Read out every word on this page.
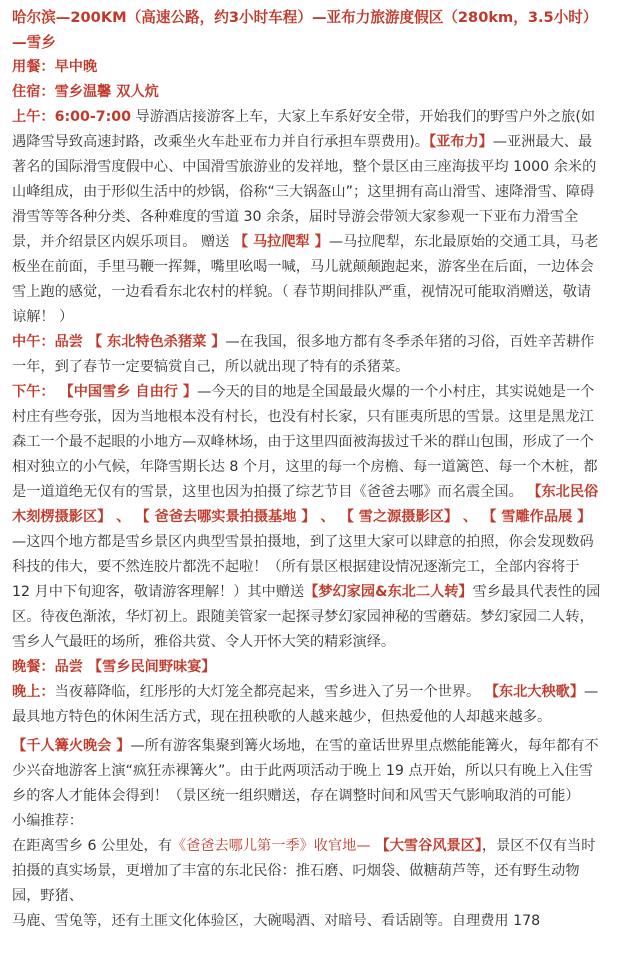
哈尔滨—200KM（高速公路，约3小时车程）—亚布力旅游度假区（280km，3.5小时）—雪乡

用餐：早中晚

住宿：雪乡温馨 双人炕

上午：6:00-7:00 导游酒店接游客上车，大家上车系好安全带，开始我们的野雪户外之旅(如遇降雪导致高速封路，改乘坐火车赴亚布力并自行承担车票费用)。【亚布力】—亚洲最大、最著名的国际滑雪度假中心、中国滑雪旅游业的发祥地，整个景区由三座海拔平均 1000 余米的山峰组成，由于形似生活中的炒锅，俗称“三大锅盔山”；这里拥有高山滑雪、速降滑雪、障碍滑雪等等各种分类、各种难度的雪道 30 余条，届时导游会带领大家参观一下亚布力滑雪全景，并介绍景区内娱乐项目。 赠送 【 马拉爬犁 】—马拉爬犁，东北最原始的交通工具，马老板坐在前面，手里马鞭一挥舞，嘴里吆喝一喊，马儿就颠颠跑起来，游客坐在后面，一边体会雪上跑的感觉，一边看看东北农村的样貌。（ 春节期间排队严重，视情况可能取消赠送，敬请谅解！ ）

中午：品尝 【 东北特色杀猪菜 】—在我国，很多地方都有冬季杀年猪的习俗，百姓辛苦耕作一年，到了春节一定要犒赏自己，所以就出现了特有的杀猪菜。

下午： 【中国雪乡 自由行 】—今天的目的地是全国最最火爆的一个小村庄，其实说她是一个村庄有些夸张，因为当地根本没有村长，也没有村长家，只有匪夷所思的雪景。这里是黑龙江森工一个最不起眼的小地方—双峰林场，由于这里四面被海拔过千米的群山包围，形成了一个相对独立的小气候，年降雪期长达 8 个月，这里的每一个房檐、每一道篱笆、每一个木桩，都是一道道绝无仅有的雪景，这里也因为拍摄了综艺节目《爸爸去哪》而名震全国。 【东北民俗木刻楞摄影区】 、 【 爸爸去哪实景拍摄基地 】 、 【 雪之源摄影区】 、 【 雪雕作品展 】—这四个地方都是雪乡景区内典型雪景拍摄地，到了这里大家可以肆意的拍照，你会发现数码科技的伟大，要不然连胶片都洗不起啦！（所有景区根据建设情况逐渐完工，全部内容将于 12 月中下旬迎客，敬请游客理解！）其中赠送【梦幻家园&东北二人转】雪乡最具代表性的园区。待夜色渐浓，华灯初上。跟随美管家一起探寻梦幻家园神秘的雪蘑菇。梦幻家园二人转，雪乡人气最旺的场所，雅俗共赏、令人开怀大笑的精彩演绎。

晚餐：品尝 【雪乡民间野味宴】

晚上：当夜幕降临，红彤彤的大灯笼全都亮起来，雪乡进入了另一个世界。 【东北大秧歌】—最具地方特色的休闲生活方式，现在扭秧歌的人越来越少，但热爱他的人却越来越多。

【千人篝火晚会 】—所有游客集聚到篝火场地，在雪的童话世界里点燃能能篝火，每年都有不少兴奋地游客上演“疯狂赤裸篝火”。由于此两项活动于晚上 19 点开始，所以只有晚上入住雪乡的客人才能体会得到！（景区统一组织赠送，存在调整时间和风雪天气影响取消的可能）

小编推荐：

在距离雪乡 6 公里处，有《爸爸去哪儿第一季》收官地— 【大雪谷风景区】，景区不仅有当时拍摄的真实场景，更增加了丰富的东北民俗：推石磨、叼烟袋、做糖葫芦等，还有野生动物园，野猪、

马鹿、雪兔等，还有土匪文化体验区，大碗喝酒、对暗号、看话剧等。自理费用 178
